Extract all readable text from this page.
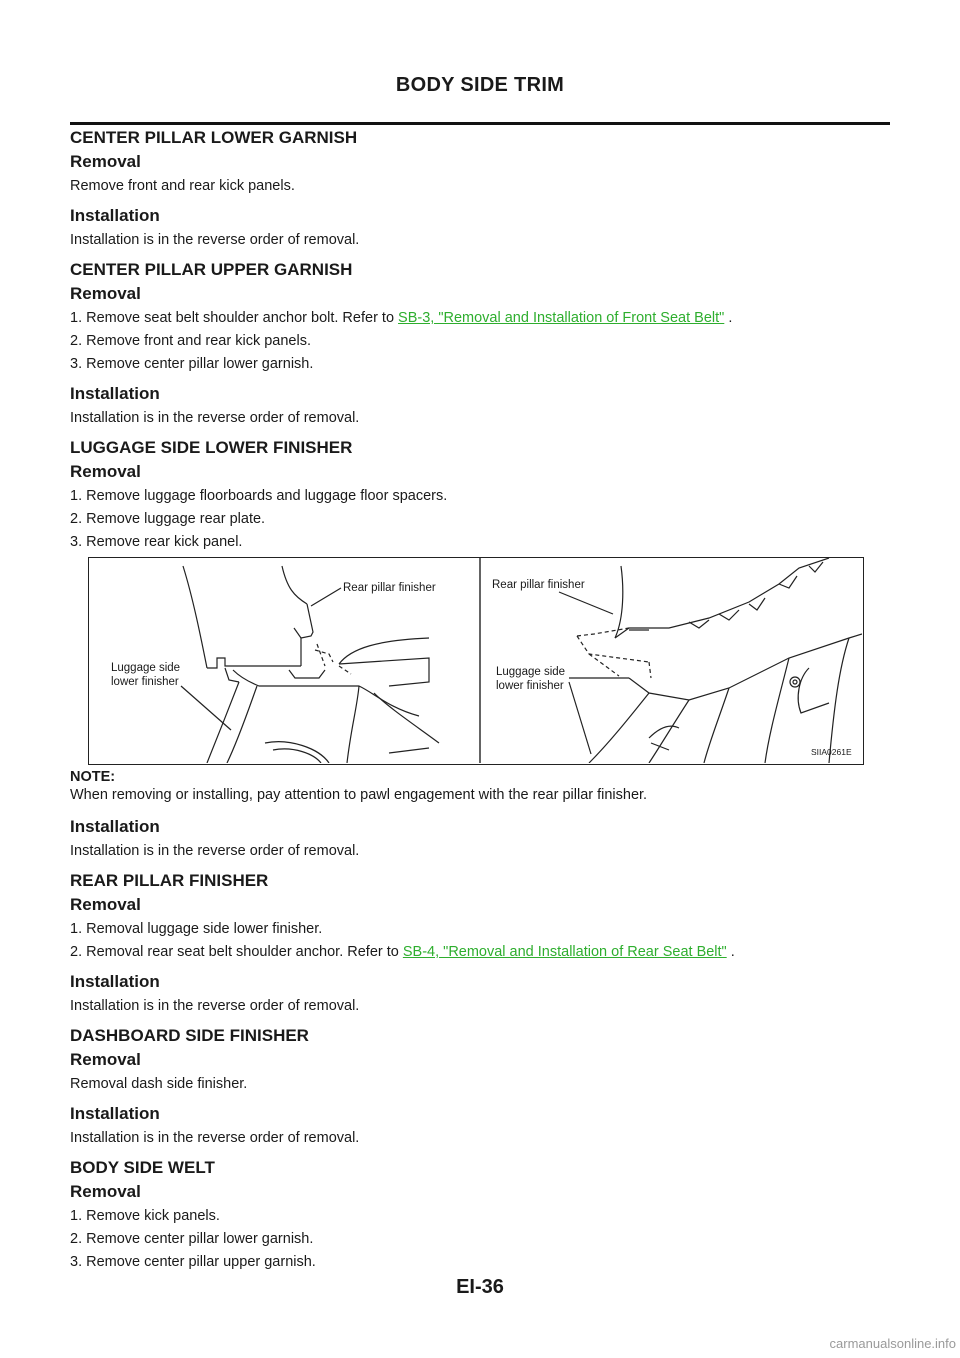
BODY SIDE TRIM
CENTER PILLAR LOWER GARNISH
Removal
Remove front and rear kick panels.
Installation
Installation is in the reverse order of removal.
CENTER PILLAR UPPER GARNISH
Removal
1. Remove seat belt shoulder anchor bolt. Refer to SB-3, "Removal and Installation of Front Seat Belt" .
2. Remove front and rear kick panels.
3. Remove center pillar lower garnish.
Installation
Installation is in the reverse order of removal.
LUGGAGE SIDE LOWER FINISHER
Removal
1. Remove luggage floorboards and luggage floor spacers.
2. Remove luggage rear plate.
3. Remove rear kick panel.
Rear pillar finisher
Luggage side
lower finisher
Rear pillar finisher
Luggage side
lower finisher
SIIA0261E
NOTE:
When removing or installing, pay attention to pawl engagement with the rear pillar finisher.
Installation
Installation is in the reverse order of removal.
REAR PILLAR FINISHER
Removal
1. Removal luggage side lower finisher.
2. Removal rear seat belt shoulder anchor. Refer to SB-4, "Removal and Installation of Rear Seat Belt" .
Installation
Installation is in the reverse order of removal.
DASHBOARD SIDE FINISHER
Removal
Removal dash side finisher.
Installation
Installation is in the reverse order of removal.
BODY SIDE WELT
Removal
1. Remove kick panels.
2. Remove center pillar lower garnish.
3. Remove center pillar upper garnish.
EI-36
carmanualsonline.info
